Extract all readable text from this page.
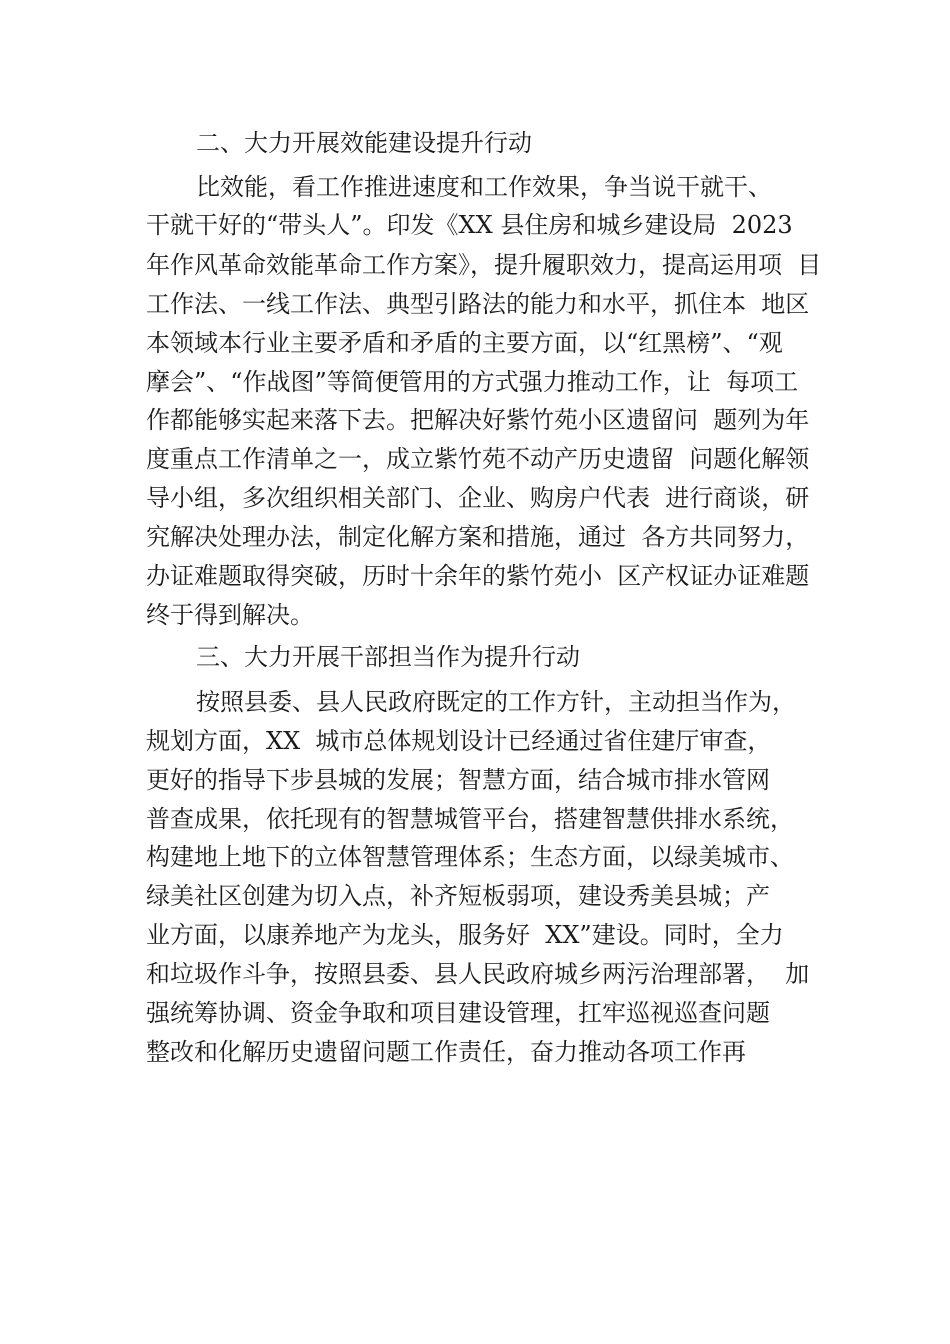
二、大力开展效能建设提升行动
比效能，看工作推进速度和工作效果，争当说干就干、
干就干好的“带头人”。印发《XX 县住房和城乡建设局  2023
年作风革命效能革命工作方案》，提升履职效力，提高运用项  目
工作法、一线工作法、典型引路法的能力和水平，抓住本  地区
本领域本行业主要矛盾和矛盾的主要方面，以“红黑榜”、“观
摩会”、“作战图”等简便管用的方式强力推动工作，让  每项工
作都能够实起来落下去。把解决好紫竹苑小区遗留问  题列为年
度重点工作清单之一，成立紫竹苑不动产历史遗留  问题化解领
导小组，多次组织相关部门、企业、购房户代表  进行商谈，研
究解决处理办法，制定化解方案和措施，通过  各方共同努力，
办证难题取得突破，历时十余年的紫竹苑小  区产权证办证难题
终于得到解决。
三、大力开展干部担当作为提升行动
按照县委、县人民政府既定的工作方针，主动担当作为，
规划方面，XX  城市总体规划设计已经通过省住建厅审查，
更好的指导下步县城的发展；智慧方面，结合城市排水管网
普查成果，依托现有的智慧城管平台，搭建智慧供排水系统，
构建地上地下的立体智慧管理体系；生态方面，以绿美城市、
绿美社区创建为切入点，补齐短板弱项，建设秀美县城；产
业方面，以康养地产为龙头，服务好  XX”建设。同时，全力
和垃圾作斗争，按照县委、县人民政府城乡两污治理部署，  加
强统筹协调、资金争取和项目建设管理，扛牢巡视巡查问题
整改和化解历史遗留问题工作责任，奋力推动各项工作再
